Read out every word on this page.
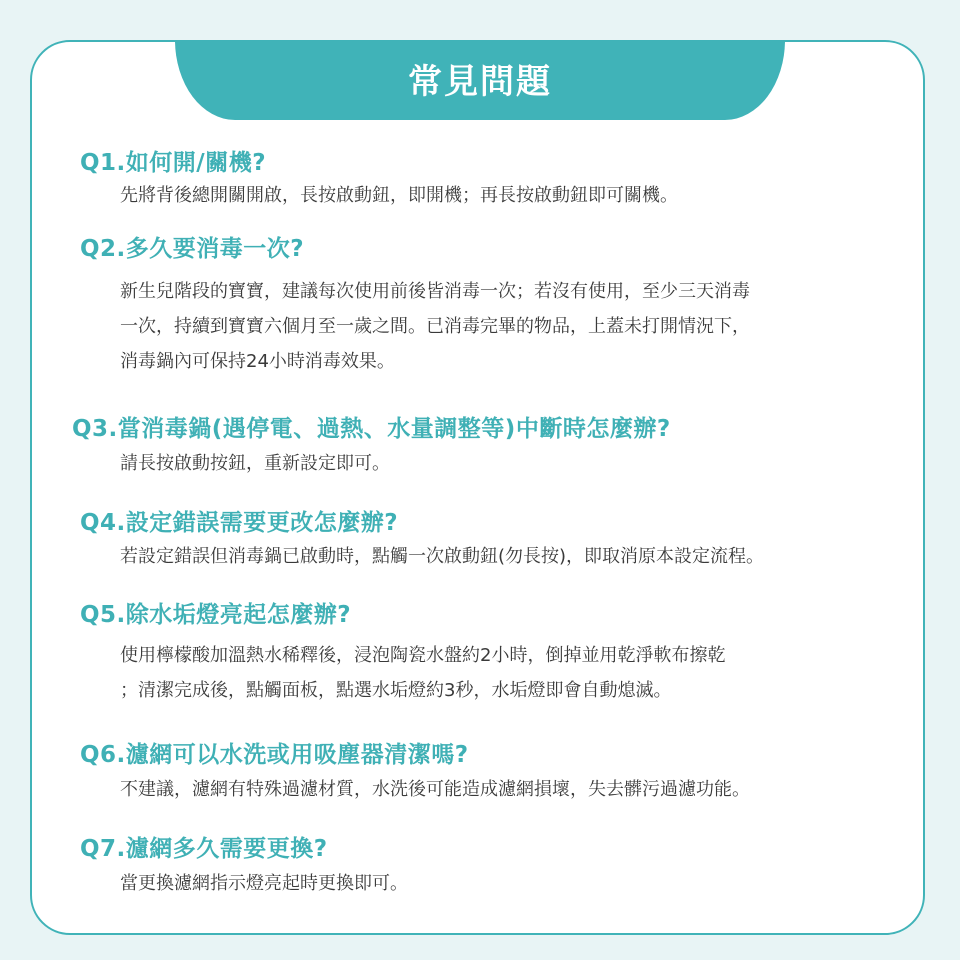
常見問題
Q1.如何開/關機?
先將背後總開關開啟，長按啟動鈕，即開機；再長按啟動鈕即可關機。
Q2.多久要消毒一次?
新生兒階段的寶寶，建議每次使用前後皆消毒一次；若沒有使用，至少三天消毒
一次，持續到寶寶六個月至一歲之間。已消毒完畢的物品，上蓋未打開情況下，
消毒鍋內可保持24小時消毒效果。
Q3.當消毒鍋(遇停電、過熱、水量調整等)中斷時怎麼辦?
請長按啟動按鈕，重新設定即可。
Q4.設定錯誤需要更改怎麼辦?
若設定錯誤但消毒鍋已啟動時，點觸一次啟動鈕(勿長按)，即取消原本設定流程。
Q5.除水垢燈亮起怎麼辦?
使用檸檬酸加溫熱水稀釋後，浸泡陶瓷水盤約2小時，倒掉並用乾淨軟布擦乾
；清潔完成後，點觸面板，點選水垢燈約3秒，水垢燈即會自動熄滅。
Q6.濾網可以水洗或用吸塵器清潔嗎?
不建議，濾網有特殊過濾材質，水洗後可能造成濾網損壞，失去髒污過濾功能。
Q7.濾網多久需要更換?
當更換濾網指示燈亮起時更換即可。
